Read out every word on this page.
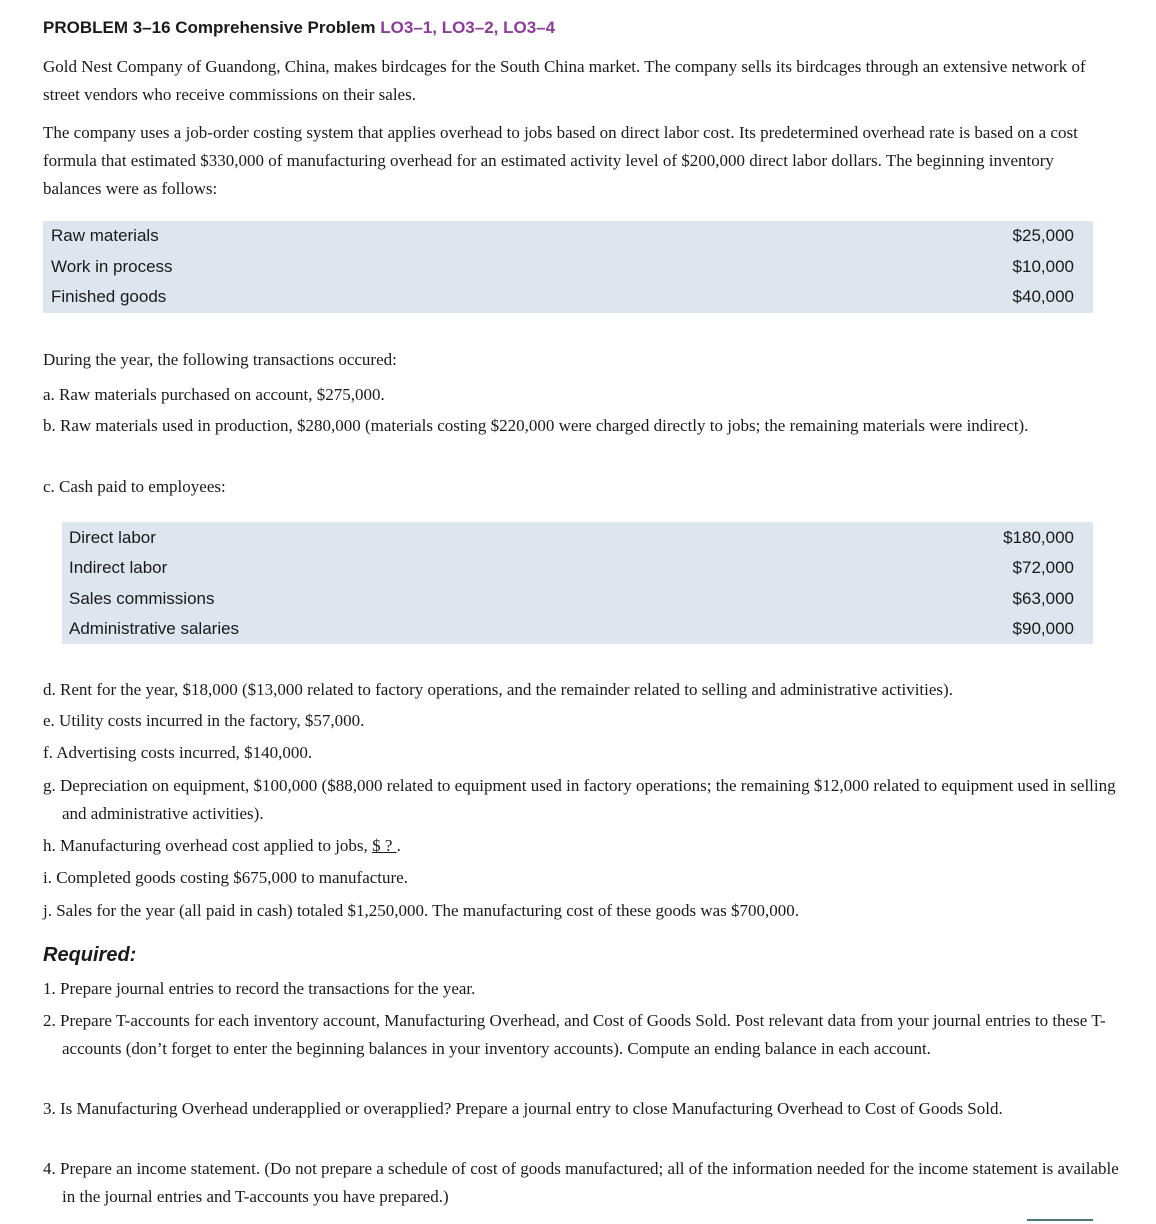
PROBLEM 3–16 Comprehensive Problem LO3–1, LO3–2, LO3–4
Gold Nest Company of Guandong, China, makes birdcages for the South China market. The company sells its birdcages through an extensive network of street vendors who receive commissions on their sales.
The company uses a job-order costing system that applies overhead to jobs based on direct labor cost. Its predetermined overhead rate is based on a cost formula that estimated $330,000 of manufacturing overhead for an estimated activity level of $200,000 direct labor dollars. The beginning inventory balances were as follows:
Raw materials	$25,000
Work in process	$10,000
Finished goods	$40,000
During the year, the following transactions occured:
a. Raw materials purchased on account, $275,000.
b. Raw materials used in production, $280,000 (materials costing $220,000 were charged directly to jobs; the remaining materials were indirect).
c. Cash paid to employees:
Direct labor	$180,000
Indirect labor	$72,000
Sales commissions	$63,000
Administrative salaries	$90,000
d. Rent for the year, $18,000 ($13,000 related to factory operations, and the remainder related to selling and administrative activities).
e. Utility costs incurred in the factory, $57,000.
f. Advertising costs incurred, $140,000.
g. Depreciation on equipment, $100,000 ($88,000 related to equipment used in factory operations; the remaining $12,000 related to equipment used in selling and administrative activities).
h. Manufacturing overhead cost applied to jobs, $ ? .
i. Completed goods costing $675,000 to manufacture.
j. Sales for the year (all paid in cash) totaled $1,250,000. The manufacturing cost of these goods was $700,000.
Required:
1. Prepare journal entries to record the transactions for the year.
2. Prepare T-accounts for each inventory account, Manufacturing Overhead, and Cost of Goods Sold. Post relevant data from your journal entries to these T-accounts (don’t forget to enter the beginning balances in your inventory accounts). Compute an ending balance in each account.
3. Is Manufacturing Overhead underapplied or overapplied? Prepare a journal entry to close Manufacturing Overhead to Cost of Goods Sold.
4. Prepare an income statement. (Do not prepare a schedule of cost of goods manufactured; all of the information needed for the income statement is available in the journal entries and T-accounts you have prepared.)
